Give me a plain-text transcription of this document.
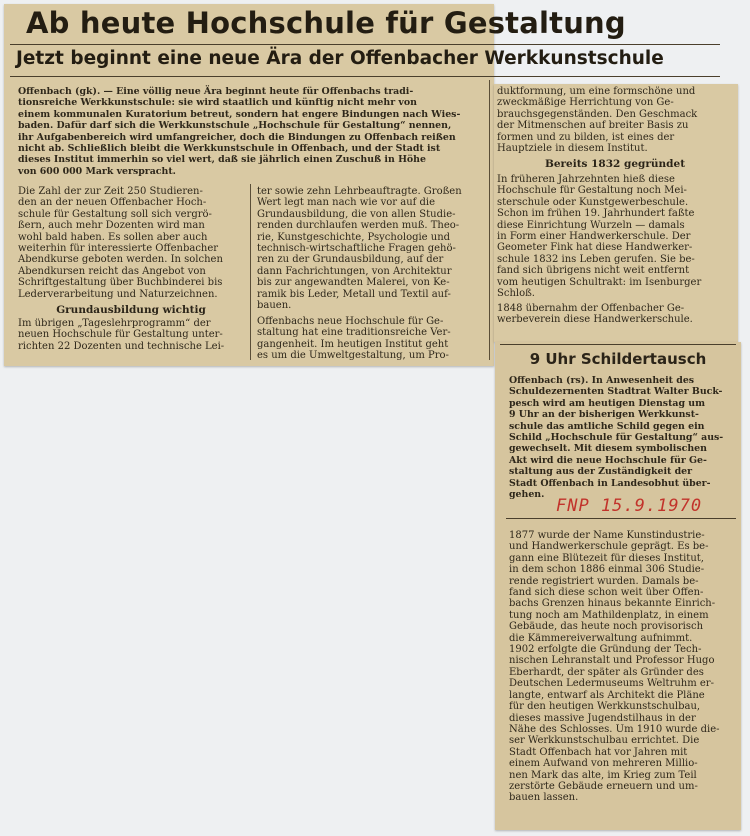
Ab heute Hochschule für Gestaltung
Jetzt beginnt eine neue Ära der Offenbacher Werkkunstschule
Offenbach (gk). — Eine völlig neue Ära beginnt heute für Offenbachs tradi-
tionsreiche Werkkunstschule: sie wird staatlich und künftig nicht mehr von
einem kommunalen Kuratorium betreut, sondern hat engere Bindungen nach Wies-
baden. Dafür darf sich die Werkkunstschule „Hochschule für Gestaltung“ nennen,
ihr Aufgabenbereich wird umfangreicher, doch die Bindungen zu Offenbach reißen
nicht ab. Schließlich bleibt die Werkkunstschule in Offenbach, und der Stadt ist
dieses Institut immerhin so viel wert, daß sie jährlich einen Zuschuß in Höhe
von 600 000 Mark verspracht.
Die Zahl der zur Zeit 250 Studieren-
den an der neuen Offenbacher Hoch-
schule für Gestaltung soll sich vergrö-
ßern, auch mehr Dozenten wird man
wohl bald haben. Es sollen aber auch
weiterhin für interessierte Offenbacher
Abendkurse geboten werden. In solchen
Abendkursen reicht das Angebot von
Schriftgestaltung über Buchbinderei bis
Lederverarbeitung und Naturzeichnen.
Grundausbildung wichtig
Im übrigen „Tageslehrprogramm“ der
neuen Hochschule für Gestaltung unter-
richten 22 Dozenten und technische Lei-
ter sowie zehn Lehrbeauftragte. Großen
Wert legt man nach wie vor auf die
Grundausbildung, die von allen Studie-
renden durchlaufen werden muß. Theo-
rie, Kunstgeschichte, Psychologie und
technisch-wirtschaftliche Fragen gehö-
ren zu der Grundausbildung, auf der
dann Fachrichtungen, von Architektur
bis zur angewandten Malerei, von Ke-
ramik bis Leder, Metall und Textil auf-
bauen.
Offenbachs neue Hochschule für Ge-
staltung hat eine traditionsreiche Ver-
gangenheit. Im heutigen Institut geht
es um die Umweltgestaltung, um Pro-
duktformung, um eine formschöne und
zweckmäßige Herrichtung von Ge-
brauchsgegenständen. Den Geschmack
der Mitmenschen auf breiter Basis zu
formen und zu bilden, ist eines der
Hauptziele in diesem Institut.
Bereits 1832 gegründet
In früheren Jahrzehnten hieß diese
Hochschule für Gestaltung noch Mei-
sterschule oder Kunstgewerbeschule.
Schon im frühen 19. Jahrhundert faßte
diese Einrichtung Wurzeln — damals
in Form einer Handwerkerschule. Der
Geometer Fink hat diese Handwerker-
schule 1832 ins Leben gerufen. Sie be-
fand sich übrigens nicht weit entfernt
vom heutigen Schultrakt: im Isenburger
Schloß.
1848 übernahm der Offenbacher Ge-
werbeverein diese Handwerkerschule.
9 Uhr Schildertausch
Offenbach (rs). In Anwesenheit des
Schuldezernenten Stadtrat Walter Buck-
pesch wird am heutigen Dienstag um
9 Uhr an der bisherigen Werkkunst-
schule das amtliche Schild gegen ein
Schild „Hochschule für Gestaltung“ aus-
gewechselt. Mit diesem symbolischen
Akt wird die neue Hochschule für Ge-
staltung aus der Zuständigkeit der
Stadt Offenbach in Landesobhut über-
gehen.
FNP 15.9.1970
1877 wurde der Name Kunstindustrie-
und Handwerkerschule geprägt. Es be-
gann eine Blütezeit für dieses Institut,
in dem schon 1886 einmal 306 Studie-
rende registriert wurden. Damals be-
fand sich diese schon weit über Offen-
bachs Grenzen hinaus bekannte Einrich-
tung noch am Mathildenplatz, in einem
Gebäude, das heute noch provisorisch
die Kämmereiverwaltung aufnimmt.
1902 erfolgte die Gründung der Tech-
nischen Lehranstalt und Professor Hugo
Eberhardt, der später als Gründer des
Deutschen Ledermuseums Weltruhm er-
langte, entwarf als Architekt die Pläne
für den heutigen Werkkunstschulbau,
dieses massive Jugendstilhaus in der
Nähe des Schlosses. Um 1910 wurde die-
ser Werkkunstschulbau errichtet. Die
Stadt Offenbach hat vor Jahren mit
einem Aufwand von mehreren Millio-
nen Mark das alte, im Krieg zum Teil
zerstörte Gebäude erneuern und um-
bauen lassen.
